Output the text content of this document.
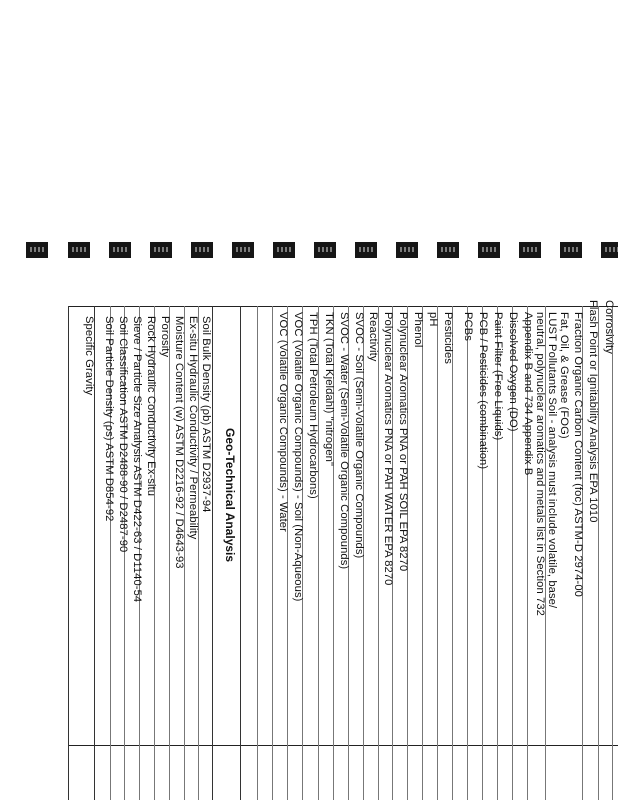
Corrosivity
Flash Point or Ignitability Analysis EPA 1010
Fraction Organic Carbon Content (foc) ASTM-D 2974-00
Fat, Oil, & Grease (FOG)
LUST Pollutants Soil - analysis must include volatile, base/
neutral, polynuclear aromatics and metals list in Section 732
Appendix B and 734 Appendix B
Dissolved Oxygen (DO)
Paint Filter (Free Liquids)
PCB / Pesticides (combination)
PCBs
Pesticides
pH
Phenol
Polynuclear Aromatics PNA or PAH SOIL EPA 8270
Polynuclear Aromatics PNA or PAH WATER EPA 8270
Reactivity
SVOC - Soil (Semi-Volatile Organic Compounds)
SVOC - Water (Semi-Volatile Organic Compounds)
TKN (Total Kjeldahl) "nitrogen"
TPH (Total Petroleum Hydrocarbons)
VOC (Volatile Organic Compounds) - Soil (Non-Aqueous)
VOC (Volatile Organic Compounds) - Water
Geo-Technical Analysis
Soil Bulk Density (ρb) ASTM D2937-94
Ex-situ Hydraulic Conductivity / Permeability
Moisture Content (w) ASTM D2216-92 / D4643-93
Porosity
Rock Hydraulic Conductivity Ex-situ
Sieve / Particle Size Analysis ASTM D422-63 / D1140-54
Soil Classification ASTM D2488-90 / D2487-90
Soil Particle Density (ρs) ASTM D854-92
Specific Gravity
